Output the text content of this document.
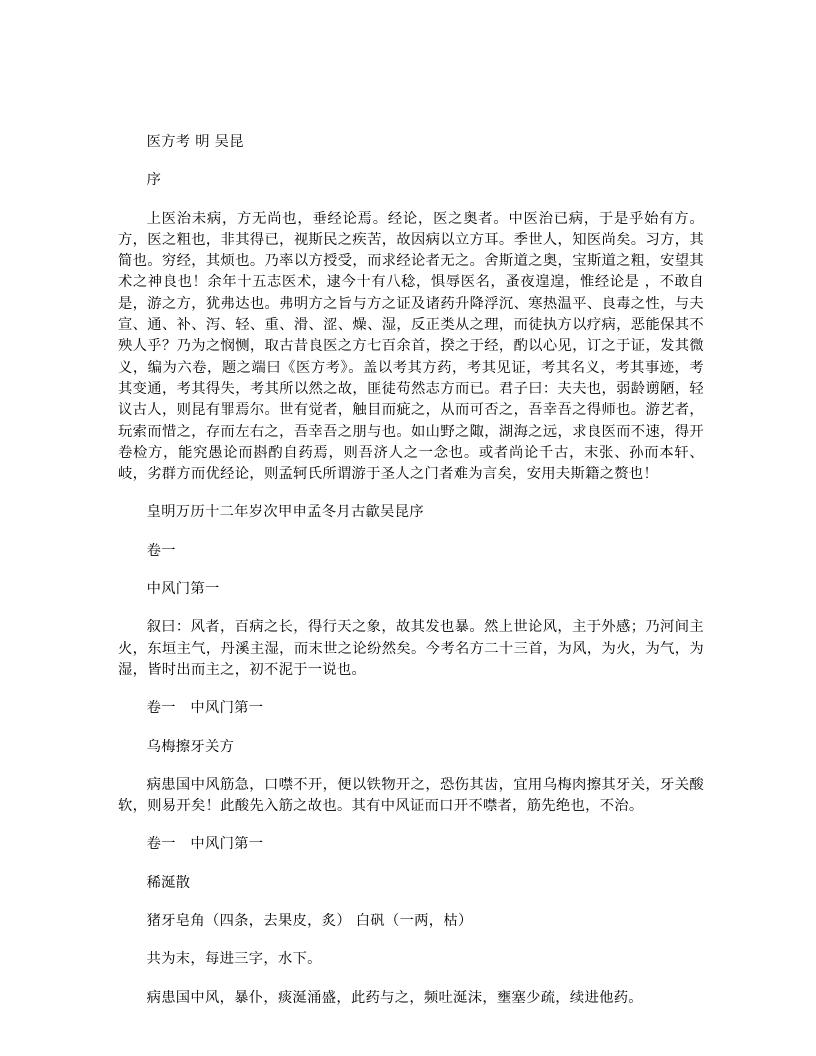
医方考 明 吴昆

序

上医治未病，方无尚也，垂经论焉。经论，医之奥者。中医治已病，于是乎始有方。方，医之粗也，非其得已，视斯民之疾苦，故因病以立方耳。季世人，知医尚矣。习方，其简也。穷经，其烦也。乃率以方授受，而求经论者无之。舍斯道之奥，宝斯道之粗，安望其术之神良也！余年十五志医术，逮今十有八稔，惧辱医名，蚤夜遑遑，惟经论是 ，不敢自是，游之方，犹弗达也。弗明方之旨与方之证及诸药升降浮沉、寒热温平、良毒之性，与夫宣、通、补、泻、轻、重、滑、涩、燥、湿，反正类从之理，而徒执方以疗病，恶能保其不殃人乎？乃为之悯恻，取古昔良医之方七百余首，揆之于经，酌以心见，订之于证，发其微义，编为六卷，题之端曰《医方考》。盖以考其方药，考其见证，考其名义，考其事迹，考其变通，考其得失，考其所以然之故，匪徒苟然志方而已。君子曰：夫夫也，弱龄谫陋，轻议古人，则昆有罪焉尔。世有觉者，触目而疵之，从而可否之，吾幸吾之得师也。游艺者，玩索而惜之，存而左右之，吾幸吾之朋与也。如山野之陬，湖海之远，求良医而不速，得开卷检方，能究愚论而斟酌自药焉，则吾济人之一念也。或者尚论千古，末张、孙而本轩、岐，劣群方而优经论，则孟轲氏所谓游于圣人之门者难为言矣，安用夫斯籍之赘也！

皇明万历十二年岁次甲申孟冬月古歙吴昆序

卷一

中风门第一

叙曰：风者，百病之长，得行天之象，故其发也暴。然上世论风，主于外感；乃河间主火，东垣主气，丹溪主湿，而末世之论纷然矣。今考名方二十三首，为风，为火，为气，为湿，皆时出而主之，初不泥于一说也。

卷一　中风门第一

乌梅擦牙关方

病患国中风筋急，口噤不开，便以铁物开之，恐伤其齿，宜用乌梅肉擦其牙关，牙关酸软，则易开矣！此酸先入筋之故也。其有中风证而口开不噤者，筋先绝也，不治。

卷一　中风门第一

稀涎散

猪牙皂角（四条，去果皮，炙） 白矾（一两，枯）

共为末，每进三字，水下。

病患国中风，暴仆，痰涎涌盛，此药与之，频吐涎沫，壅塞少疏，续进他药。
